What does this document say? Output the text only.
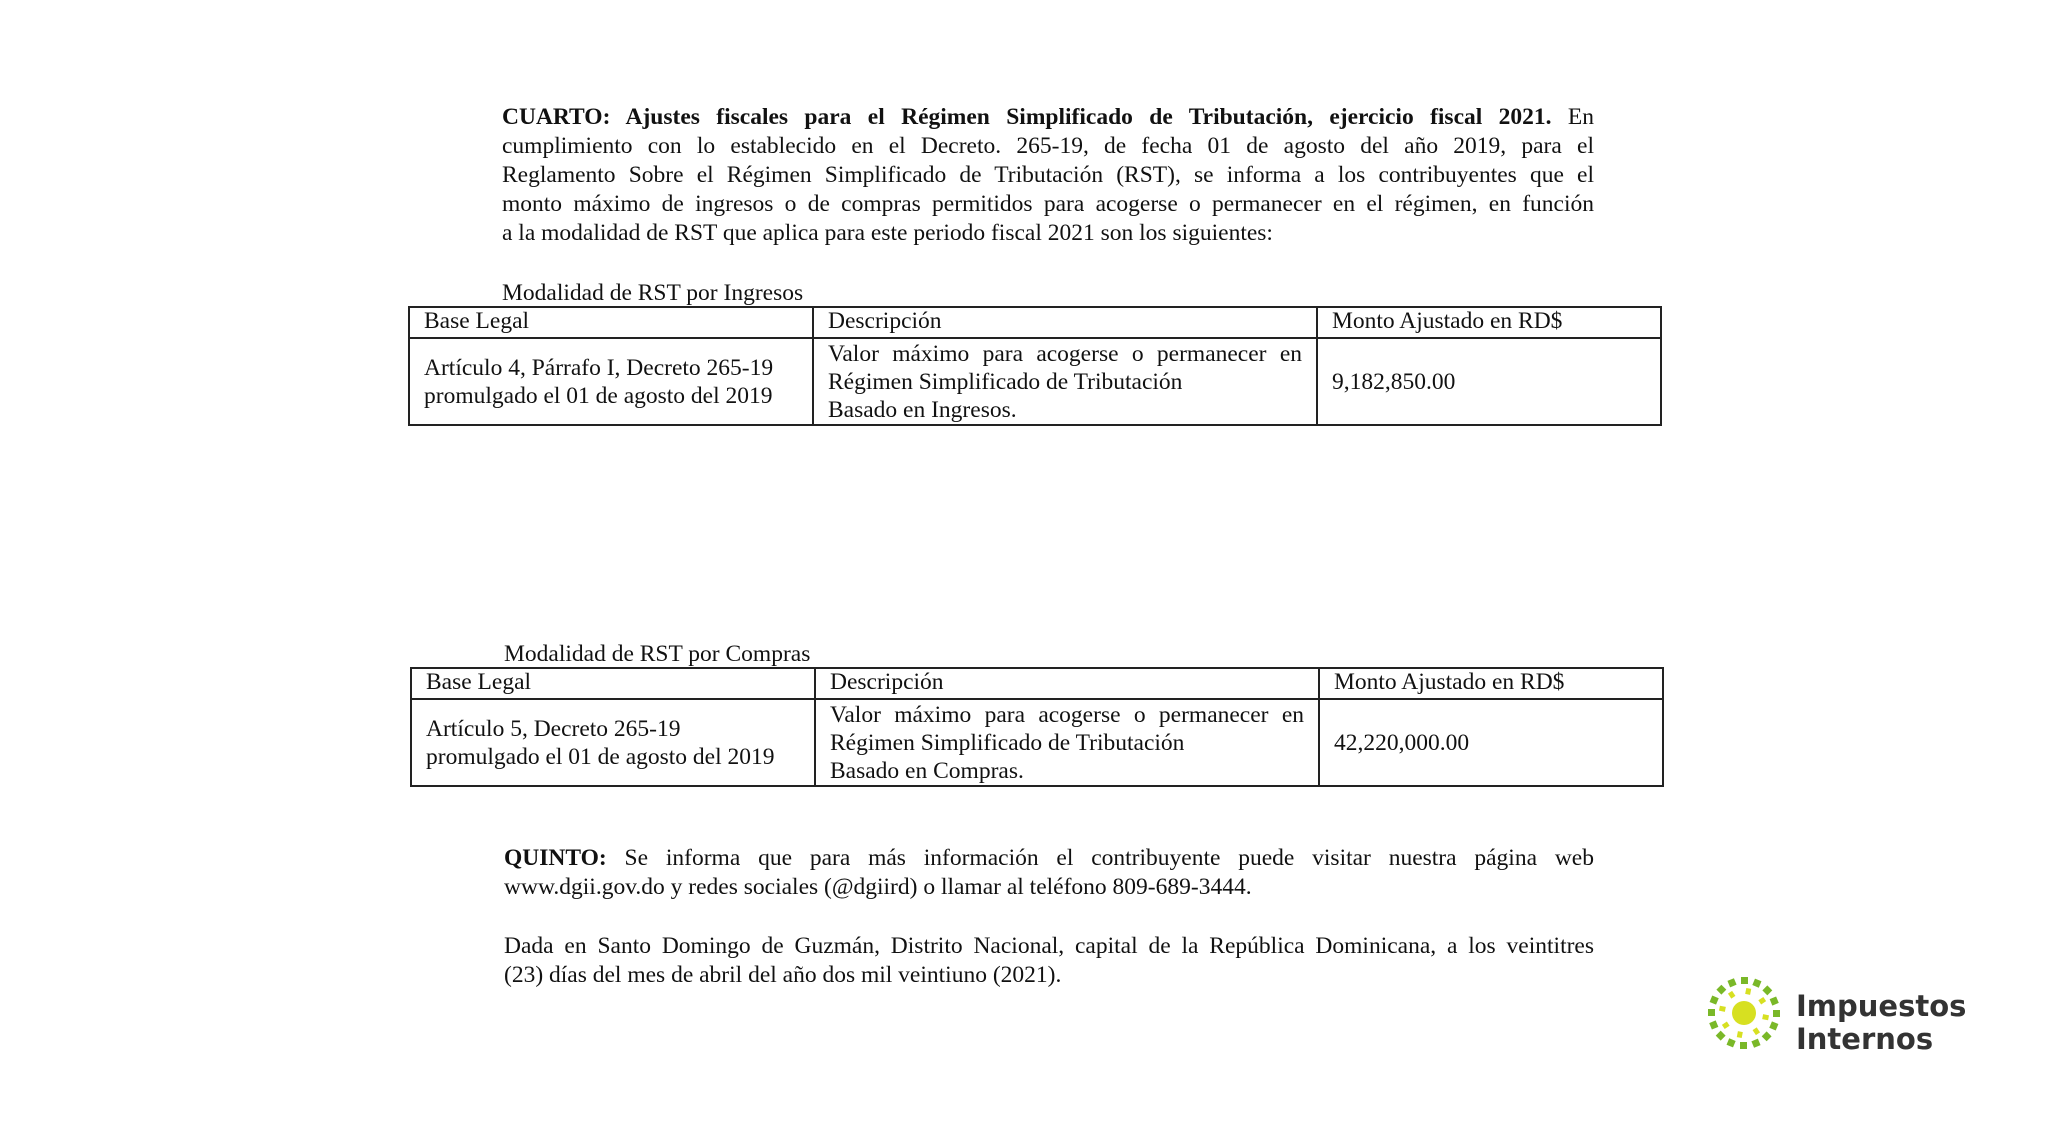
CUARTO: Ajustes fiscales para el Régimen Simplificado de Tributación, ejercicio fiscal 2021. En
cumplimiento con lo establecido en el Decreto. 265-19, de fecha 01 de agosto del año 2019, para el
Reglamento Sobre el Régimen Simplificado de Tributación (RST), se informa a los contribuyentes que el
monto máximo de ingresos o de compras permitidos para acogerse o permanecer en el régimen, en función
a la modalidad de RST que aplica para este periodo fiscal 2021 son los siguientes:
Modalidad de RST por Ingresos
Base Legal	Descripción	Monto Ajustado en RD$

Artículo 4, Párrafo I, Decreto 265-19
promulgado el 01 de agosto del 2019	Valor máximo para acogerse o permanecer en
Régimen Simplificado de Tributación
Basado en Ingresos.	9,182,850.00
Modalidad de RST por Compras
Base Legal	Descripción	Monto Ajustado en RD$

Artículo 5, Decreto 265-19
promulgado el 01 de agosto del 2019	Valor máximo para acogerse o permanecer en
Régimen Simplificado de Tributación
Basado en Compras.	42,220,000.00
QUINTO: Se informa que para más información el contribuyente puede visitar nuestra página web
www.dgii.gov.do y redes sociales (@dgiird) o llamar al teléfono 809-689-3444.
Dada en Santo Domingo de Guzmán, Distrito Nacional, capital de la República Dominicana, a los veintitres
(23) días del mes de abril del año dos mil veintiuno (2021).
Impuestos
Internos
